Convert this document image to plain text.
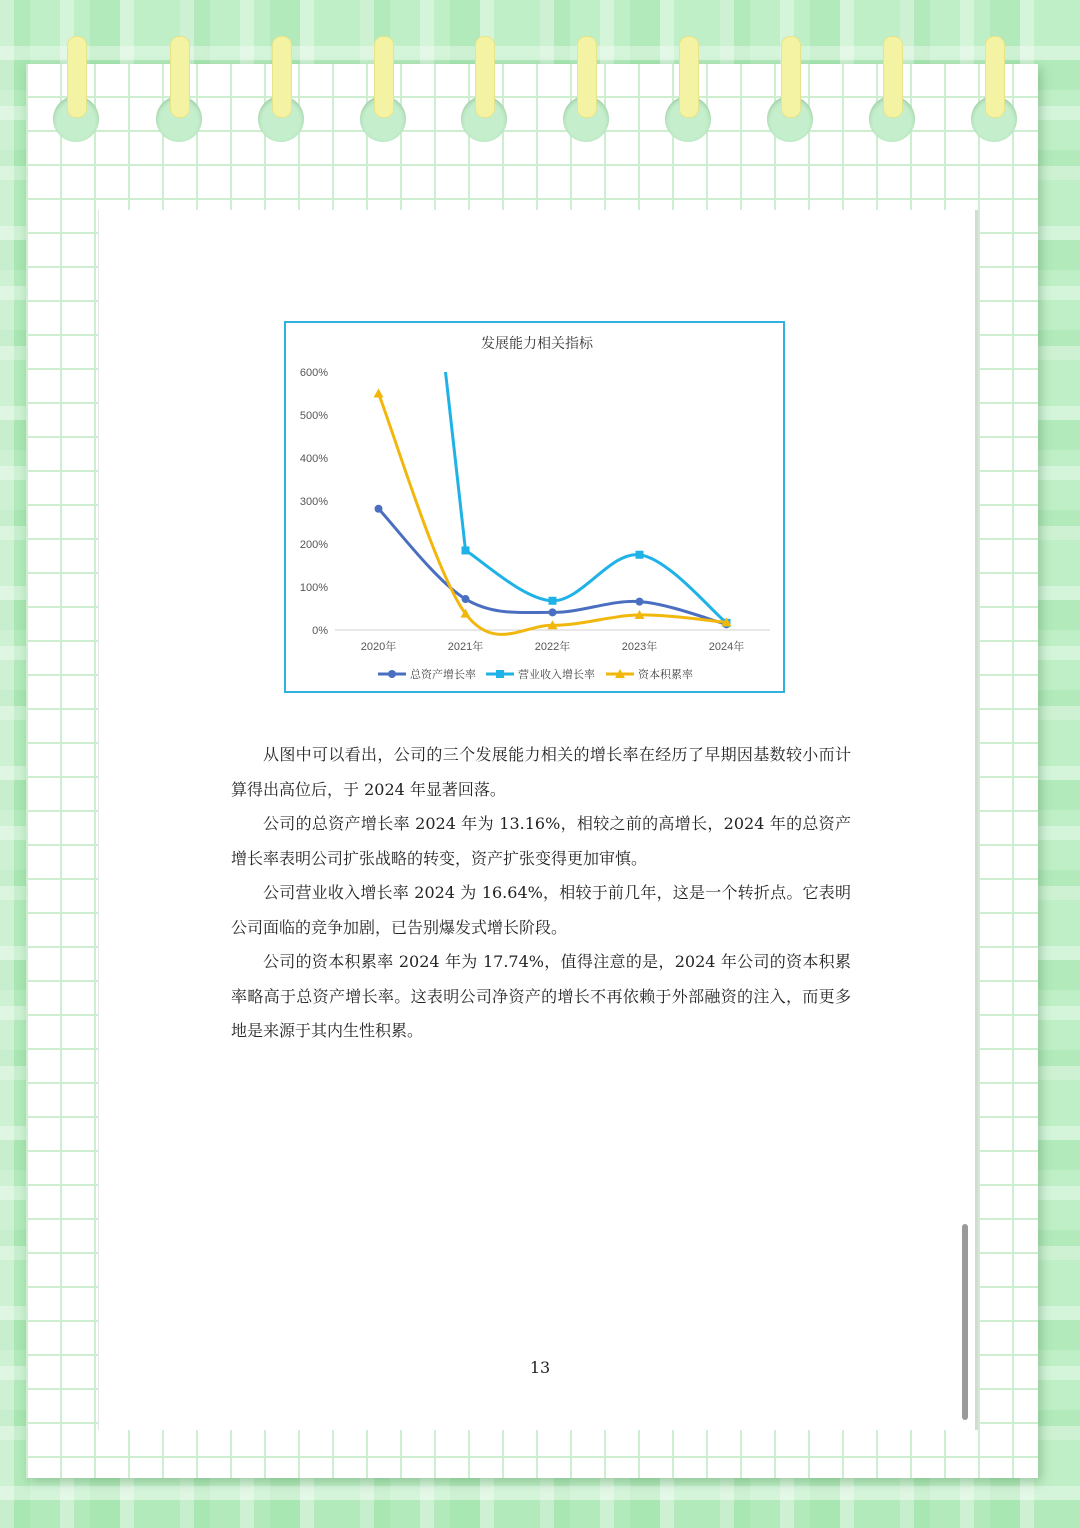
发展能力相关指标
0%
100%
200%
300%
400%
500%
600%
2020年	2021年	2022年	2023年	2024年
总资产增长率	营业收入增长率	资本积累率

从图中可以看出，公司的三个发展能力相关的增长率在经历了早期因基数较小而计算得出高位后，于 2024 年显著回落。

公司的总资产增长率 2024 年为 13.16%，相较之前的高增长，2024 年的总资产增长率表明公司扩张战略的转变，资产扩张变得更加审慎。

公司营业收入增长率 2024 为 16.64%，相较于前几年，这是一个转折点。它表明公司面临的竞争加剧，已告别爆发式增长阶段。

公司的资本积累率 2024 年为 17.74%，值得注意的是，2024 年公司的资本积累率略高于总资产增长率。这表明公司净资产的增长不再依赖于外部融资的注入，而更多地是来源于其内生性积累。

13
